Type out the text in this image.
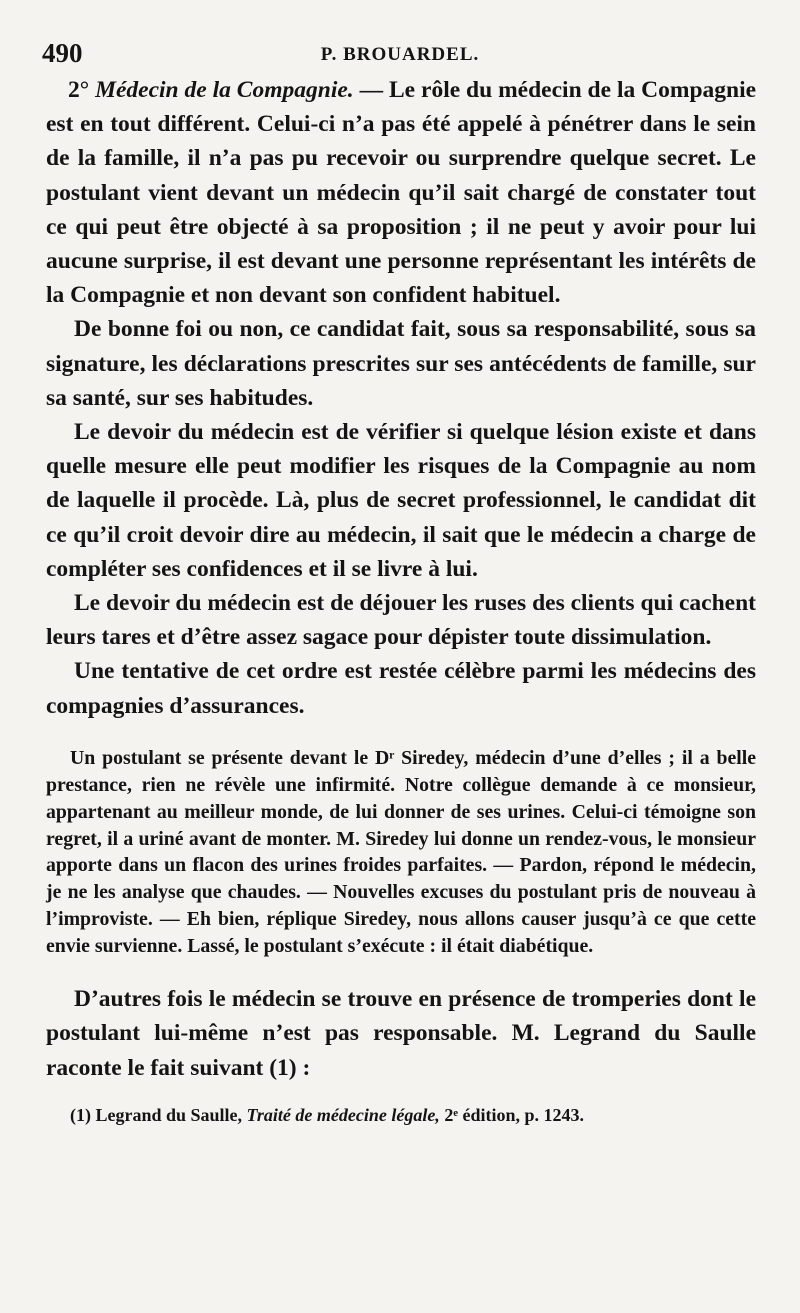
490	P. BROUARDEL.

2° Médecin de la Compagnie. — Le rôle du médecin de la Compagnie est en tout différent. Celui-ci n’a pas été appelé à pénétrer dans le sein de la famille, il n’a pas pu recevoir ou surprendre quelque secret. Le postulant vient devant un médecin qu’il sait chargé de constater tout ce qui peut être objecté à sa proposition ; il ne peut y avoir pour lui aucune surprise, il est devant une personne représentant les intérêts de la Compagnie et non devant son confident habituel.

De bonne foi ou non, ce candidat fait, sous sa responsabilité, sous sa signature, les déclarations prescrites sur ses antécédents de famille, sur sa santé, sur ses habitudes.

Le devoir du médecin est de vérifier si quelque lésion existe et dans quelle mesure elle peut modifier les risques de la Compagnie au nom de laquelle il procède. Là, plus de secret professionnel, le candidat dit ce qu’il croit devoir dire au médecin, il sait que le médecin a charge de compléter ses confidences et il se livre à lui.

Le devoir du médecin est de déjouer les ruses des clients qui cachent leurs tares et d’être assez sagace pour dépister toute dissimulation.

Une tentative de cet ordre est restée célèbre parmi les médecins des compagnies d’assurances.

Un postulant se présente devant le Dʳ Siredey, médecin d’une d’elles ; il a belle prestance, rien ne révèle une infirmité. Notre collègue demande à ce monsieur, appartenant au meilleur monde, de lui donner de ses urines. Celui-ci témoigne son regret, il a uriné avant de monter. M. Siredey lui donne un rendez-vous, le monsieur apporte dans un flacon des urines froides parfaites. — Pardon, répond le médecin, je ne les analyse que chaudes. — Nouvelles excuses du postulant pris de nouveau à l’improviste. — Eh bien, réplique Siredey, nous allons causer jusqu’à ce que cette envie survienne. Lassé, le postulant s’exécute : il était diabétique.

D’autres fois le médecin se trouve en présence de tromperies dont le postulant lui-même n’est pas responsable. M. Legrand du Saulle raconte le fait suivant (1) :

(1) Legrand du Saulle, Traité de médecine légale, 2ᵉ édition, p. 1243.
